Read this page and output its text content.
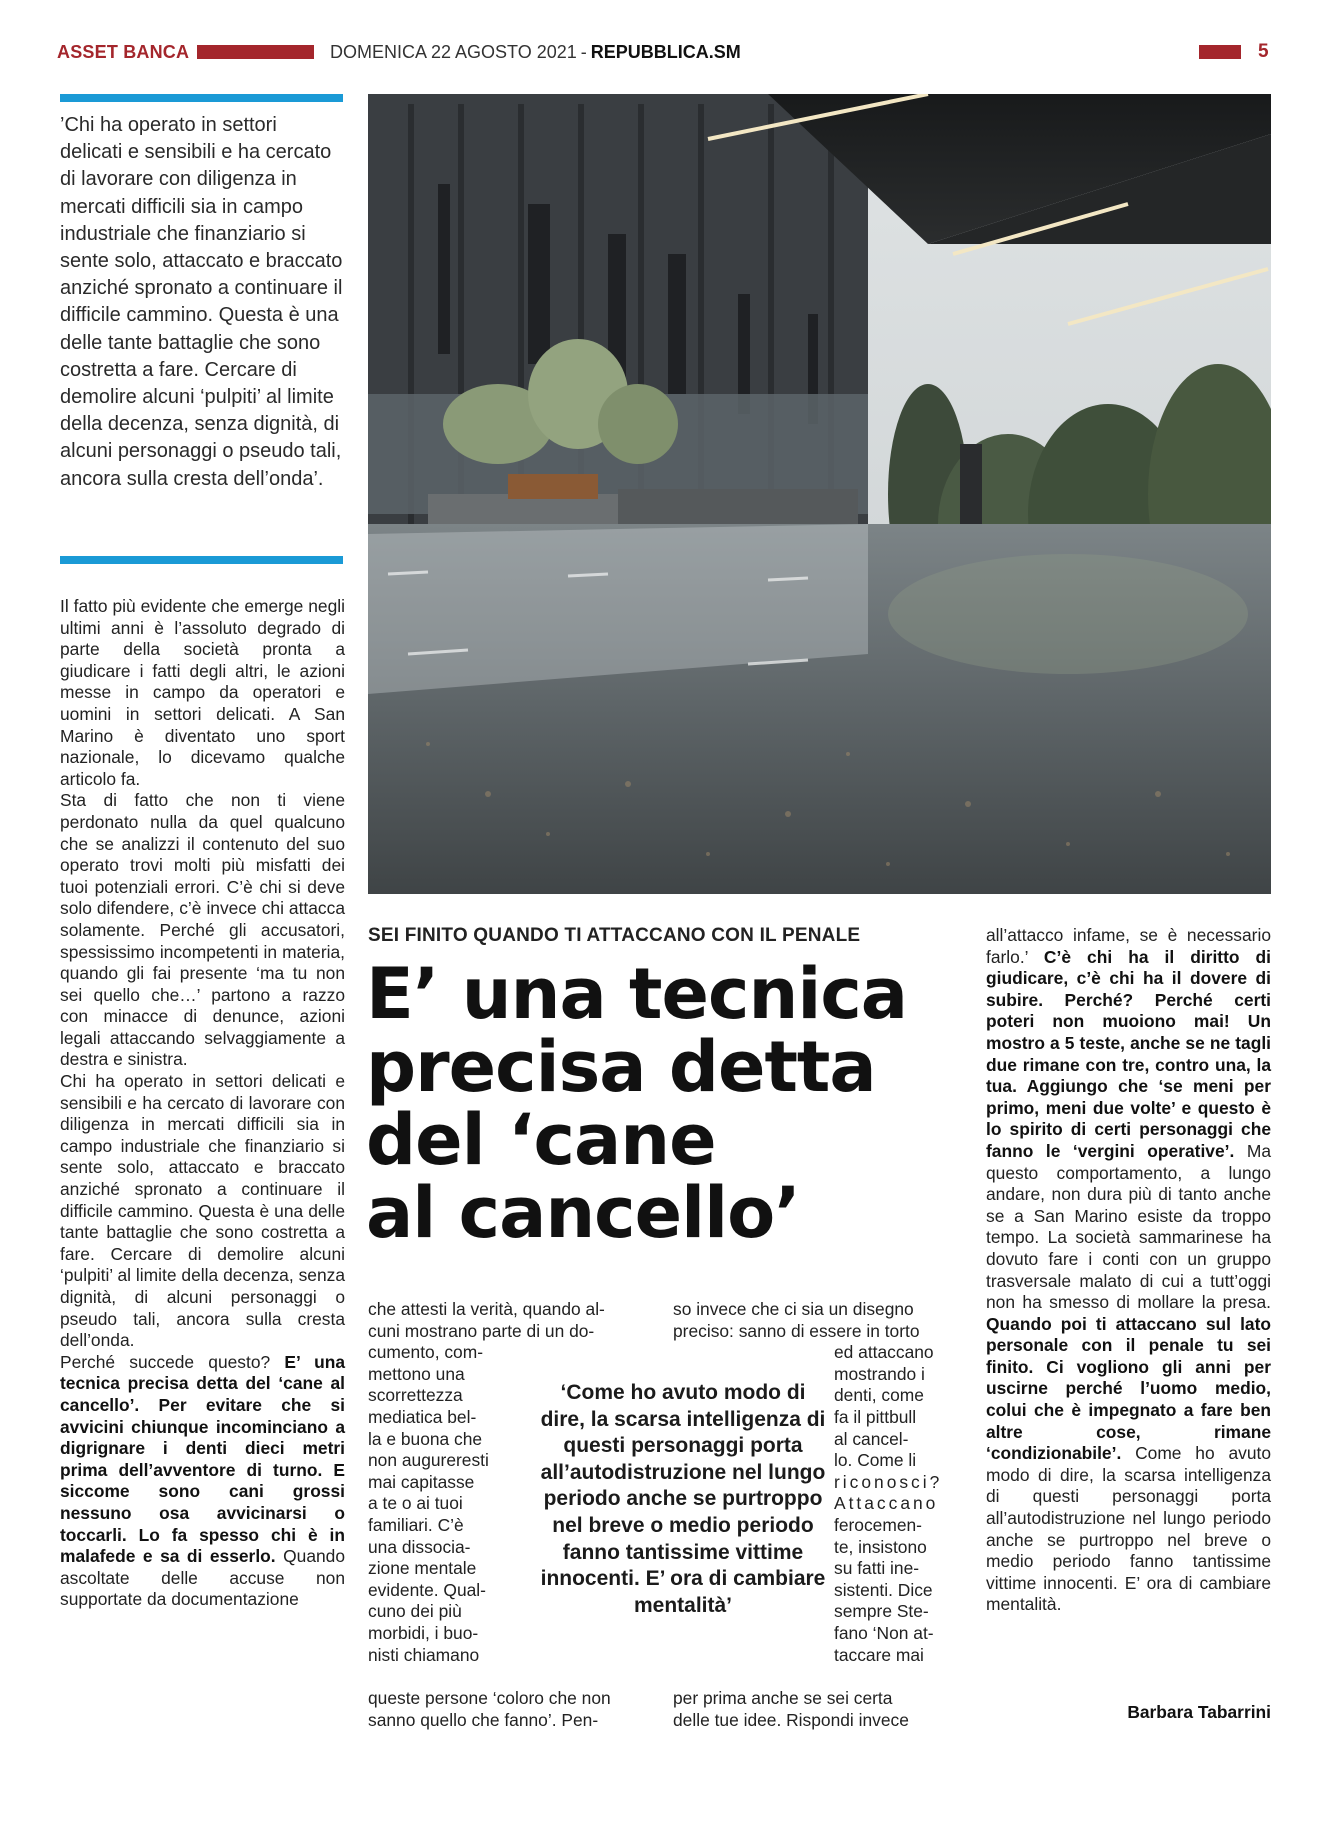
ASSET BANCA	DOMENICA 22 AGOSTO 2021 - REPUBBLICA.SM	5
’Chi ha operato in settori delicati e sensibili e ha cercato di lavorare con diligenza in mercati difficili sia in campo industriale che finanziario si sente solo, attaccato e braccato anziché spronato a continuare il difficile cammino. Questa è una delle tante battaglie che sono costretta a fare. Cercare di demolire alcuni ‘pulpiti’ al limite della decenza, senza dignità, di alcuni personaggi o pseudo tali, ancora sulla cresta dell’onda’.

Il fatto più evidente che emerge negli ultimi anni è l’assoluto degrado di parte della società pronta a giudicare i fatti degli altri, le azioni messe in campo da operatori e uomini in settori delicati. A San Marino è diventato uno sport nazionale, lo dicevamo qualche articolo fa.

Sta di fatto che non ti viene perdonato nulla da quel qualcuno che se analizzi il contenuto del suo operato trovi molti più misfatti dei tuoi potenziali errori. C’è chi si deve solo difendere, c’è invece chi attacca solamente. Perché gli accusatori, spessissimo incompetenti in materia, quando gli fai presente ‘ma tu non sei quello che…’ partono a razzo con minacce di denunce, azioni legali attaccando selvaggiamente a destra e sinistra.

Chi ha operato in settori delicati e sensibili e ha cercato di lavorare con diligenza in mercati difficili sia in campo industriale che finanziario si sente solo, attaccato e braccato anziché spronato a continuare il difficile cammino. Questa è una delle tante battaglie che sono costretta a fare. Cercare di demolire alcuni ‘pulpiti’ al limite della decenza, senza dignità, di alcuni personaggi o pseudo tali, ancora sulla cresta dell’onda.

Perché succede questo? E’ una tecnica precisa detta del ‘cane al cancello’. Per evitare che si avvicini chiunque incominciano a digrignare i denti dieci metri prima dell’avventore di turno. E siccome sono cani grossi nessuno osa avvicinarsi o toccarli. Lo fa spesso chi è in malafede e sa di esserlo. Quando ascoltate delle accuse non supportate da documentazione

SEI FINITO QUANDO TI ATTACCANO CON IL PENALE
E’ una tecnica
precisa detta
del ‘cane
al cancello’
che attesti la verità, quando al-
cuni mostrano parte di un do-
cumento, com-
mettono una
scorrettezza
mediatica bel-
la e buona che
non augureresti
mai capitasse
a te o ai tuoi
familiari. C’è
una dissocia-
zione mentale
evidente. Qual-
cuno dei più
morbidi, i buo-
nisti chiamano
queste persone ‘coloro che non
sanno quello che fanno’. Pen-
so invece che ci sia un disegno
preciso: sanno di essere in torto
ed attaccano
mostrando i
denti, come
fa il pittbull
al cancel-
lo. Come li
riconosci?
Attaccano
ferocemen-
te, insistono
su fatti ine-
sistenti. Dice
sempre Ste-
fano ‘Non at-
taccare mai
per prima anche se sei certa
delle tue idee. Rispondi invece
‘Come ho avuto modo di dire, la scarsa intelligenza di questi personaggi porta all’autodistruzione nel lungo periodo anche se purtroppo nel breve o medio periodo fanno tantissime vittime innocenti. E’ ora di cambiare mentalità’

all’attacco infame, se è necessario farlo.’ C’è chi ha il diritto di giudicare, c’è chi ha il dovere di subire. Perché? Perché certi poteri non muoiono mai! Un mostro a 5 teste, anche se ne tagli due rimane con tre, contro una, la tua. Aggiungo che ‘se meni per primo, meni due volte’ e questo è lo spirito di certi personaggi che fanno le ‘vergini operative’. Ma questo comportamento, a lungo andare, non dura più di tanto anche se a San Marino esiste da troppo tempo. La società sammarinese ha dovuto fare i conti con un gruppo trasversale malato di cui a tutt’oggi non ha smesso di mollare la presa. Quando poi ti attaccano sul lato personale con il penale tu sei finito. Ci vogliono gli anni per uscirne perché l’uomo medio, colui che è impegnato a fare ben altre cose, rimane ‘condizionabile’. Come ho avuto modo di dire, la scarsa intelligenza di questi personaggi porta all’autodistruzione nel lungo periodo anche se purtroppo nel breve o medio periodo fanno tantissime vittime innocenti. E’ ora di cambiare mentalità.

Barbara Tabarrini
